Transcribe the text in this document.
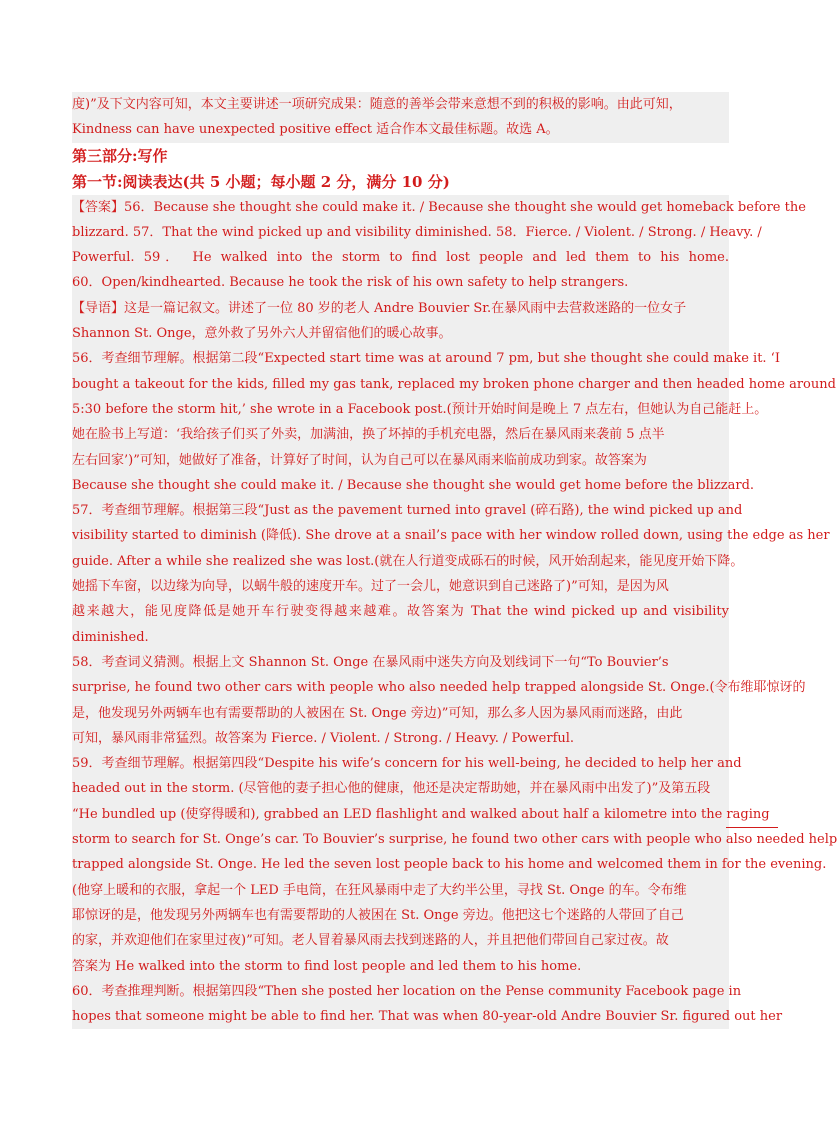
度)”及下文内容可知，本文主要讲述一项研究成果：随意的善举会带来意想不到的积极的影响。由此可知，
Kindness can have unexpected positive effect 适合作本文最佳标题。故选 A。
第三部分:写作
第一节:阅读表达(共 5 小题；每小题 2 分，满分 10 分)
【答案】56．Because she thought she could make it. / Because she thought she would get homeback before the
blizzard. 57．That the wind picked up and visibility diminished. 58．Fierce. / Violent. / Strong. / Heavy. /
Powerful. 59． He walked into the storm to find lost people and led them to his home.
60．Open/kindhearted. Because he took the risk of his own safety to help strangers.
【导语】这是一篇记叙文。讲述了一位 80 岁的老人 Andre Bouvier Sr.在暴风雨中去营救迷路的一位女子
Shannon St. Onge，意外救了另外六人并留宿他们的暖心故事。
56．考查细节理解。根据第二段“Expected start time was at around 7 pm, but she thought she could make it. ‘I
bought a takeout for the kids, filled my gas tank, replaced my broken phone charger and then headed home around
5:30 before the storm hit,’ she wrote in a Facebook post.(预计开始时间是晚上 7 点左右，但她认为自己能赶上。
她在脸书上写道：‘我给孩子们买了外卖，加满油，换了坏掉的手机充电器，然后在暴风雨来袭前 5 点半
左右回家’)”可知，她做好了准备，计算好了时间，认为自己可以在暴风雨来临前成功到家。故答案为
Because she thought she could make it. / Because she thought she would get home before the blizzard.
57．考查细节理解。根据第三段“Just as the pavement turned into gravel (碎石路), the wind picked up and
visibility started to diminish (降低). She drove at a snail’s pace with her window rolled down, using the edge as her
guide. After a while she realized she was lost.(就在人行道变成砾石的时候，风开始刮起来，能见度开始下降。
她摇下车窗，以边缘为向导，以蜗牛般的速度开车。过了一会儿，她意识到自己迷路了)”可知，是因为风
越来越大，能见度降低是她开车行驶变得越来越难。故答案为 That the wind picked up and visibility
diminished.
58．考查词义猜测。根据上文 Shannon St. Onge 在暴风雨中迷失方向及划线词下一句“To Bouvier’s
surprise, he found two other cars with people who also needed help trapped alongside St. Onge.(令布维耶惊讶的
是，他发现另外两辆车也有需要帮助的人被困在 St. Onge 旁边)”可知，那么多人因为暴风雨而迷路，由此
可知，暴风雨非常猛烈。故答案为 Fierce. / Violent. / Strong. / Heavy. / Powerful.
59．考查细节理解。根据第四段“Despite his wife’s concern for his well-being, he decided to help her and
headed out in the storm. (尽管他的妻子担心他的健康，他还是决定帮助她，并在暴风雨中出发了)”及第五段
“He bundled up (使穿得暖和), grabbed an LED flashlight and walked about half a kilometre into the raging
storm to search for St. Onge’s car. To Bouvier’s surprise, he found two other cars with people who also needed help
trapped alongside St. Onge. He led the seven lost people back to his home and welcomed them in for the evening.
(他穿上暖和的衣服，拿起一个 LED 手电筒，在狂风暴雨中走了大约半公里，寻找 St. Onge 的车。令布维
耶惊讶的是，他发现另外两辆车也有需要帮助的人被困在 St. Onge 旁边。他把这七个迷路的人带回了自己
的家，并欢迎他们在家里过夜)”可知。老人冒着暴风雨去找到迷路的人，并且把他们带回自己家过夜。故
答案为 He walked into the storm to find lost people and led them to his home.
60．考查推理判断。根据第四段“Then she posted her location on the Pense community Facebook page in
hopes that someone might be able to find her. That was when 80-year-old Andre Bouvier Sr. figured out her
